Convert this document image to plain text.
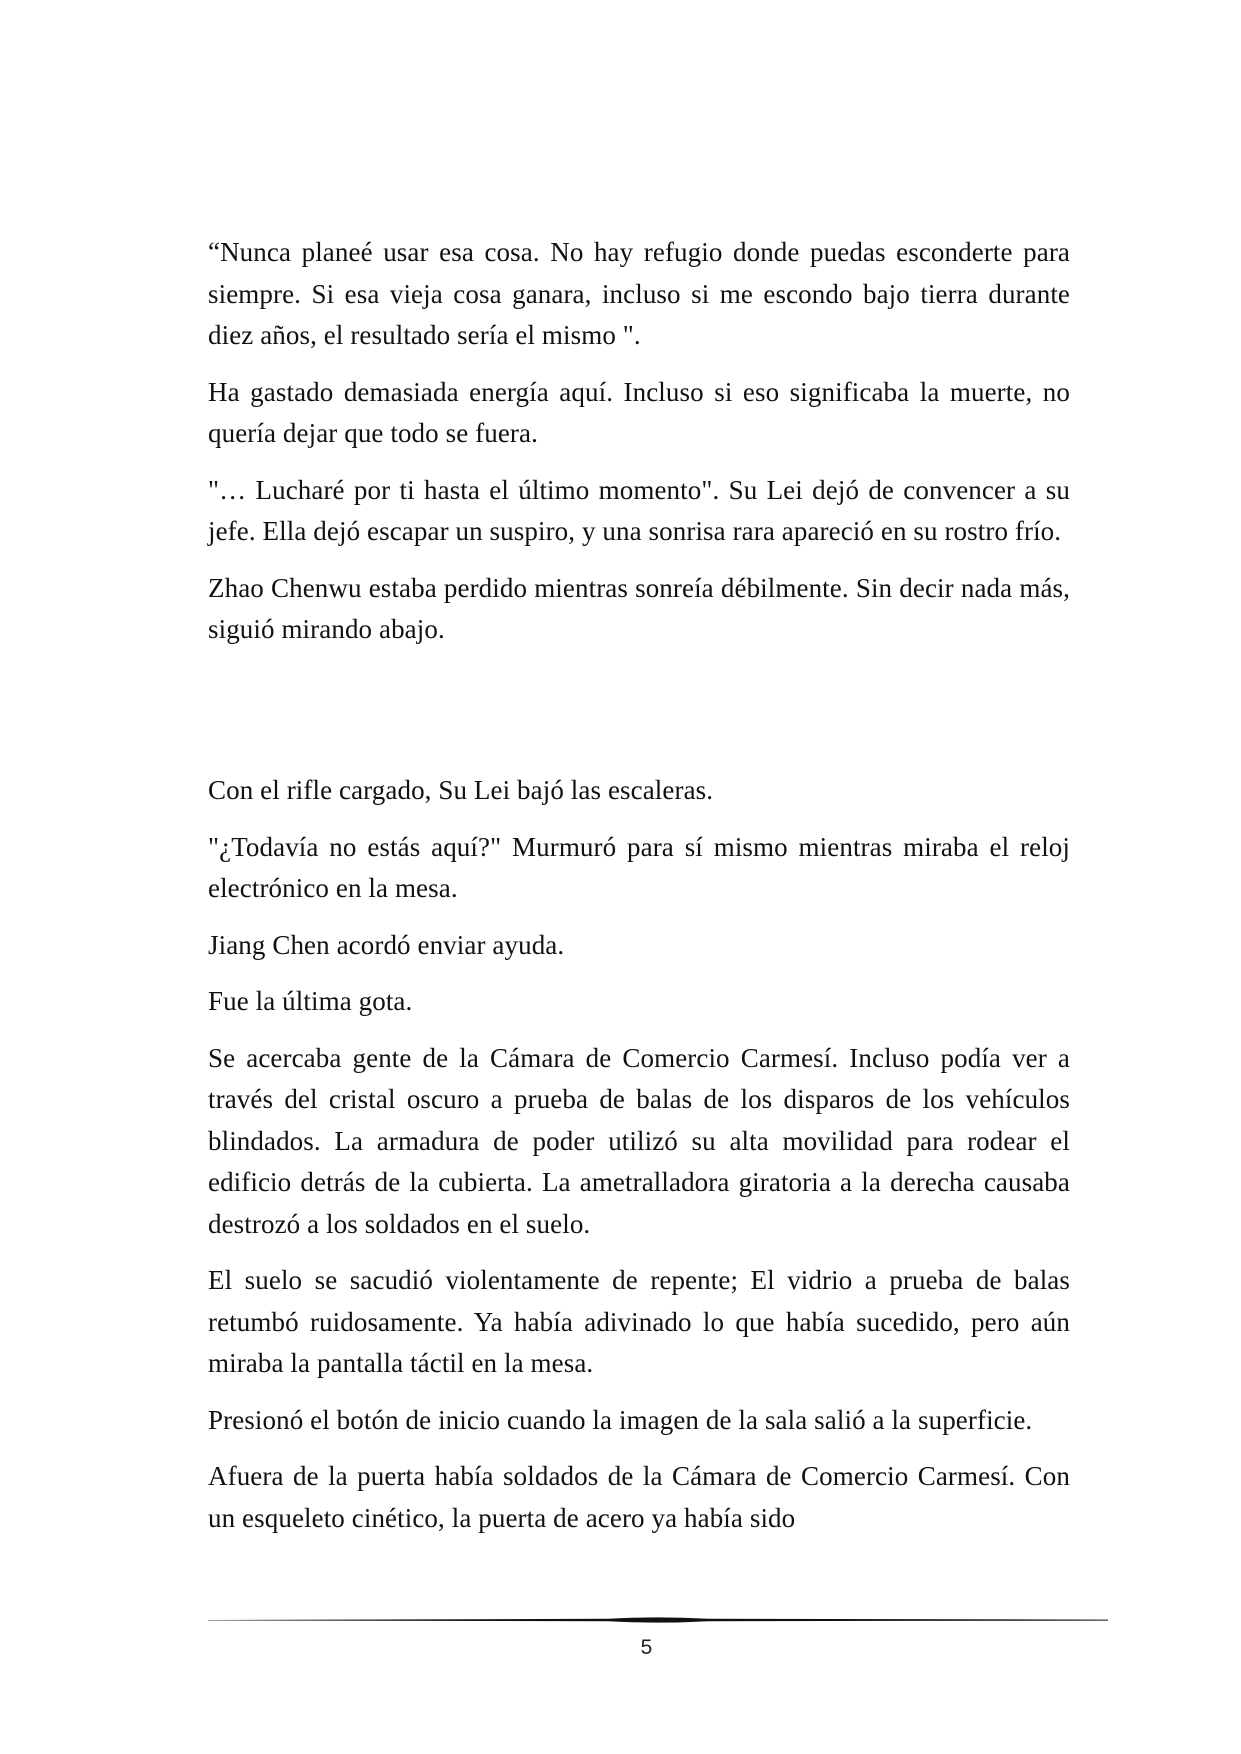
“Nunca planeé usar esa cosa. No hay refugio donde puedas esconderte para siempre. Si esa vieja cosa ganara, incluso si me escondo bajo tierra durante diez años, el resultado sería el mismo ".

Ha gastado demasiada energía aquí. Incluso si eso significaba la muerte, no quería dejar que todo se fuera.

"… Lucharé por ti hasta el último momento". Su Lei dejó de convencer a su jefe. Ella dejó escapar un suspiro, y una sonrisa rara apareció en su rostro frío.

Zhao Chenwu estaba perdido mientras sonreía débilmente. Sin decir nada más, siguió mirando abajo.

Con el rifle cargado, Su Lei bajó las escaleras.

"¿Todavía no estás aquí?" Murmuró para sí mismo mientras miraba el reloj electrónico en la mesa.

Jiang Chen acordó enviar ayuda.

Fue la última gota.

Se acercaba gente de la Cámara de Comercio Carmesí. Incluso podía ver a través del cristal oscuro a prueba de balas de los disparos de los vehículos blindados. La armadura de poder utilizó su alta movilidad para rodear el edificio detrás de la cubierta. La ametralladora giratoria a la derecha causaba destrozó a los soldados en el suelo.

El suelo se sacudió violentamente de repente; El vidrio a prueba de balas retumbó ruidosamente. Ya había adivinado lo que había sucedido, pero aún miraba la pantalla táctil en la mesa.

Presionó el botón de inicio cuando la imagen de la sala salió a la superficie.

Afuera de la puerta había soldados de la Cámara de Comercio Carmesí. Con un esqueleto cinético, la puerta de acero ya había sido

5
